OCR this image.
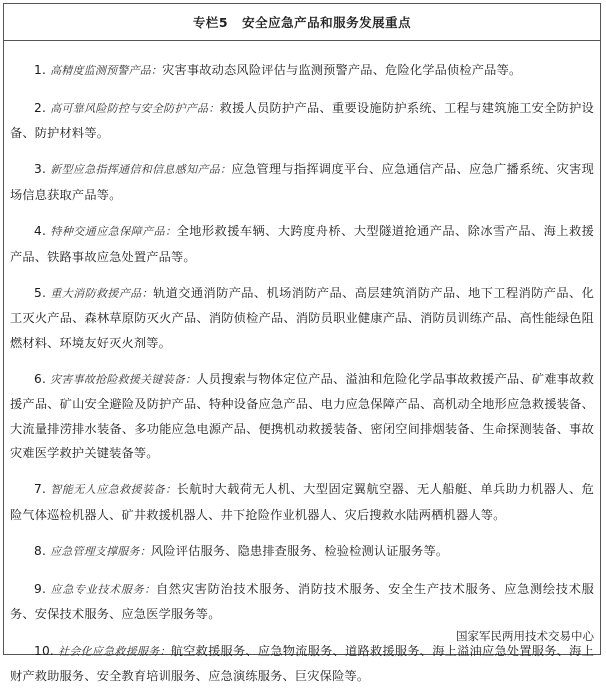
专栏5 安全应急产品和服务发展重点

1. 高精度监测预警产品：灾害事故动态风险评估与监测预警产品、危险化学品侦检产品等。

2. 高可靠风险防控与安全防护产品：救援人员防护产品、重要设施防护系统、工程与建筑施工安全防护设备、防护材料等。

3. 新型应急指挥通信和信息感知产品：应急管理与指挥调度平台、应急通信产品、应急广播系统、灾害现场信息获取产品等。

4. 特种交通应急保障产品：全地形救援车辆、大跨度舟桥、大型隧道抢通产品、除冰雪产品、海上救援产品、铁路事故应急处置产品等。

5. 重大消防救援产品：轨道交通消防产品、机场消防产品、高层建筑消防产品、地下工程消防产品、化工灭火产品、森林草原防灭火产品、消防侦检产品、消防员职业健康产品、消防员训练产品、高性能绿色阻燃材料、环境友好灭火剂等。

6. 灾害事故抢险救援关键装备：人员搜索与物体定位产品、溢油和危险化学品事故救援产品、矿难事故救援产品、矿山安全避险及防护产品、特种设备应急产品、电力应急保障产品、高机动全地形应急救援装备、大流量排涝排水装备、多功能应急电源产品、便携机动救援装备、密闭空间排烟装备、生命探测装备、事故灾难医学救护关键装备等。

7. 智能无人应急救援装备：长航时大载荷无人机、大型固定翼航空器、无人船艇、单兵助力机器人、危险气体巡检机器人、矿井救援机器人、井下抢险作业机器人、灾后搜救水陆两栖机器人等。

8. 应急管理支撑服务：风险评估服务、隐患排查服务、检验检测认证服务等。

9. 应急专业技术服务：自然灾害防治技术服务、消防技术服务、安全生产技术服务、应急测绘技术服务、安保技术服务、应急医学服务等。

10. 社会化应急救援服务：航空救援服务、应急物流服务、道路救援服务、海上溢油应急处置服务、海上财产救助服务、安全教育培训服务、应急演练服务、巨灾保险等。

国家军民两用技术交易中心
